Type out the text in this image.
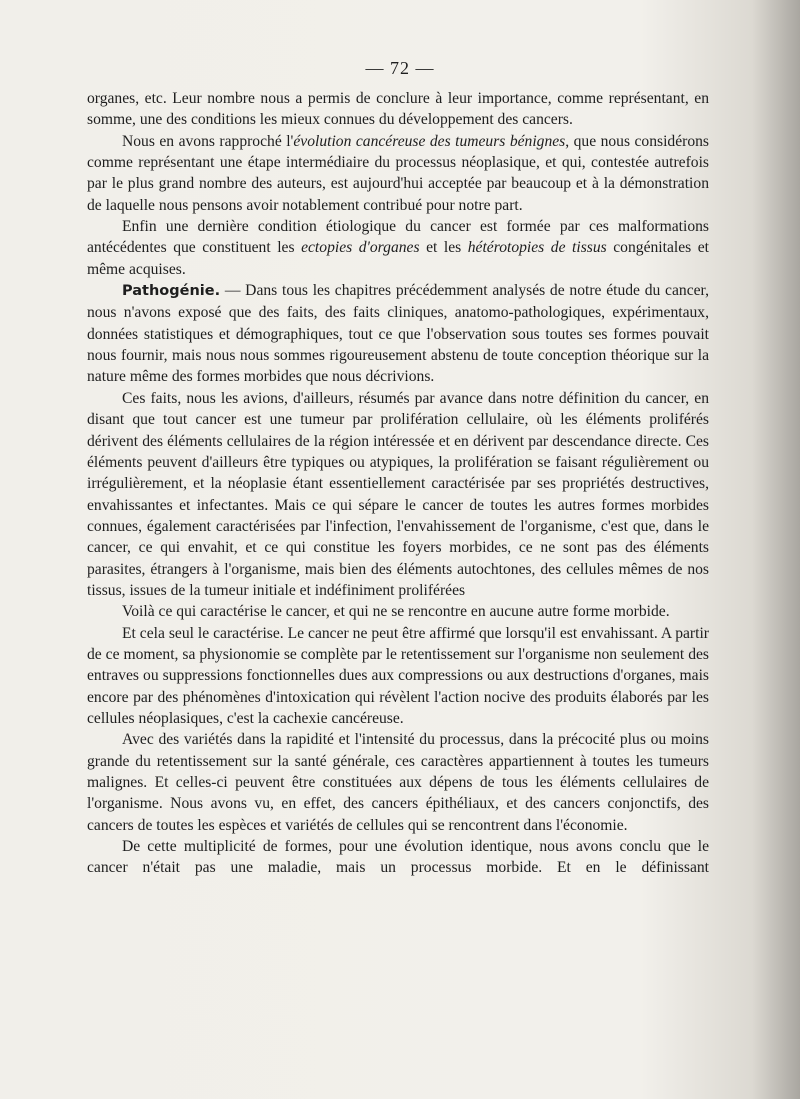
— 72 —

organes, etc. Leur nombre nous a permis de conclure à leur importance, comme représentant, en somme, une des conditions les mieux connues du développement des cancers.

Nous en avons rapproché l'évolution cancéreuse des tumeurs bénignes, que nous considérons comme représentant une étape intermédiaire du processus néoplasique, et qui, contestée autrefois par le plus grand nombre des auteurs, est aujourd'hui acceptée par beaucoup et à la démonstration de laquelle nous pensons avoir notablement contribué pour notre part.

Enfin une dernière condition étiologique du cancer est formée par ces malformations antécédentes que constituent les ectopies d'organes et les hétérotopies de tissus congénitales et même acquises.

Pathogénie. — Dans tous les chapitres précédemment analysés de notre étude du cancer, nous n'avons exposé que des faits, des faits cliniques, anatomo-pathologiques, expérimentaux, données statistiques et démographiques, tout ce que l'observation sous toutes ses formes pouvait nous fournir, mais nous nous sommes rigoureusement abstenu de toute conception théorique sur la nature même des formes morbides que nous décrivions.

Ces faits, nous les avions, d'ailleurs, résumés par avance dans notre définition du cancer, en disant que tout cancer est une tumeur par prolifération cellulaire, où les éléments proliférés dérivent des éléments cellulaires de la région intéressée et en dérivent par descendance directe. Ces éléments peuvent d'ailleurs être typiques ou atypiques, la prolifération se faisant régulièrement ou irrégulièrement, et la néoplasie étant essentiellement caractérisée par ses propriétés destructives, envahissantes et infectantes. Mais ce qui sépare le cancer de toutes les autres formes morbides connues, également caractérisées par l'infection, l'envahissement de l'organisme, c'est que, dans le cancer, ce qui envahit, et ce qui constitue les foyers morbides, ce ne sont pas des éléments parasites, étrangers à l'organisme, mais bien des éléments autochtones, des cellules mêmes de nos tissus, issues de la tumeur initiale et indéfiniment proliférées

Voilà ce qui caractérise le cancer, et qui ne se rencontre en aucune autre forme morbide.

Et cela seul le caractérise. Le cancer ne peut être affirmé que lorsqu'il est envahissant. A partir de ce moment, sa physionomie se complète par le retentissement sur l'organisme non seulement des entraves ou suppressions fonctionnelles dues aux compressions ou aux destructions d'organes, mais encore par des phénomènes d'intoxication qui révèlent l'action nocive des produits élaborés par les cellules néoplasiques, c'est la cachexie cancéreuse.

Avec des variétés dans la rapidité et l'intensité du processus, dans la précocité plus ou moins grande du retentissement sur la santé générale, ces caractères appartiennent à toutes les tumeurs malignes. Et celles-ci peuvent être constituées aux dépens de tous les éléments cellulaires de l'organisme. Nous avons vu, en effet, des cancers épithéliaux, et des cancers conjonctifs, des cancers de toutes les espèces et variétés de cellules qui se rencontrent dans l'économie.

De cette multiplicité de formes, pour une évolution identique, nous avons conclu que le cancer n'était pas une maladie, mais un processus morbide. Et en le définissant
